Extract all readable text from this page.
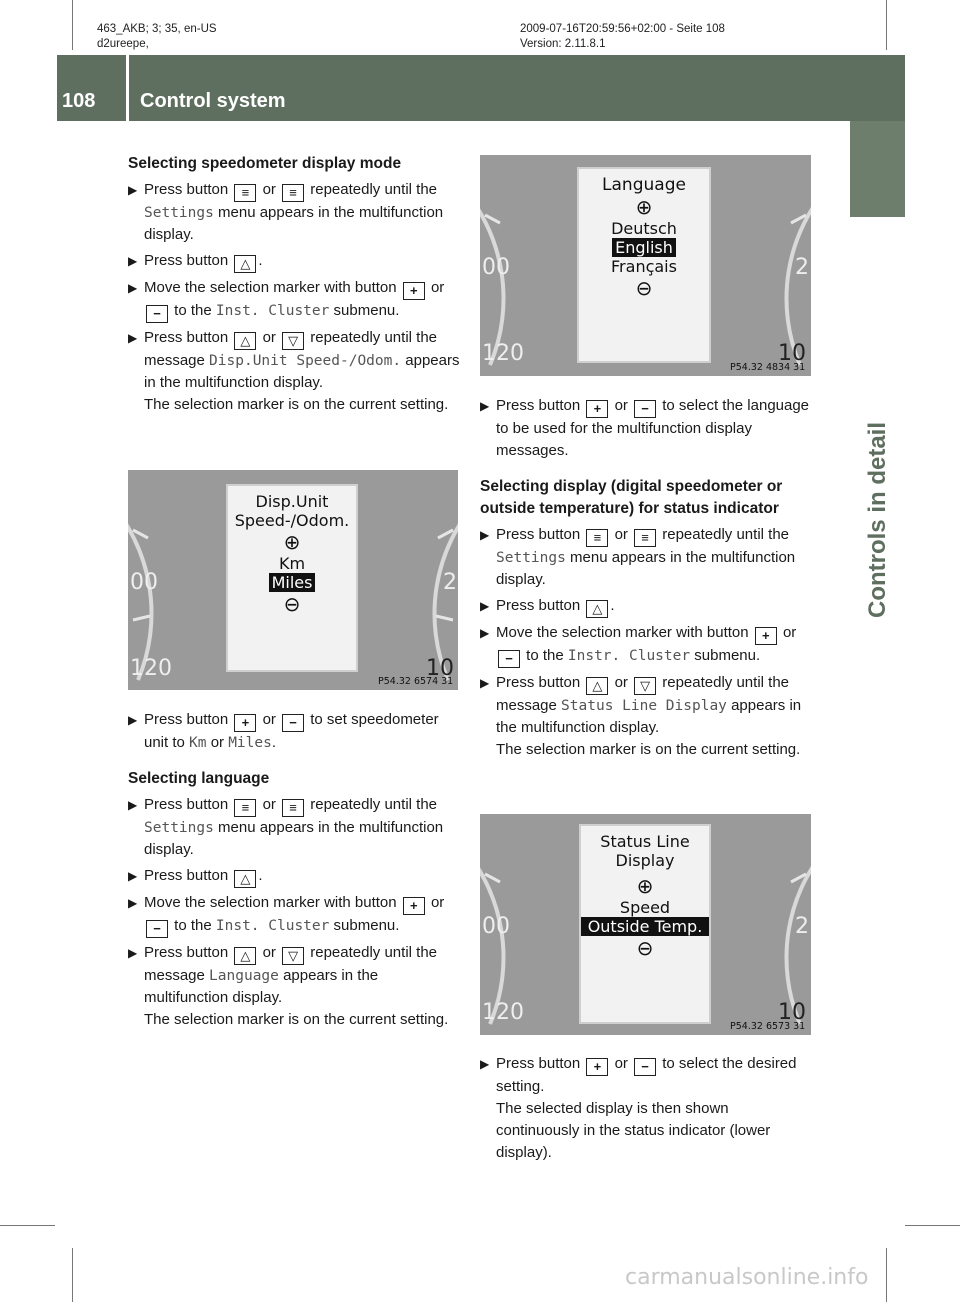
463_AKB; 3; 35, en-US
d2ureepe,
2009-07-16T20:59:56+02:00 - Seite 108
Version: 2.11.8.1
108 Control system
Controls in detail
Selecting speedometer display mode
▶ Press button ≡ or ≡ repeatedly until the Settings menu appears in the multifunction display.
▶ Press button △ .
▶ Move the selection marker with button + or − to the Inst. Cluster submenu.
▶ Press button △ or ▽ repeatedly until the message Disp.Unit Speed-/Odom. appears in the multifunction display.
The selection marker is on the current setting.
00
120
2
10
Disp.Unit
Speed-/Odom.
⊕
Km
Miles
⊖
P54.32 6574 31
▶ Press button + or − to set speedometer unit to Km or Miles.
Selecting language
▶ Press button ≡ or ≡ repeatedly until the Settings menu appears in the multifunction display.
▶ Press button △ .
▶ Move the selection marker with button + or − to the Inst. Cluster submenu.
▶ Press button △ or ▽ repeatedly until the message Language appears in the multifunction display.
The selection marker is on the current setting.
00
120
2
10
Language
⊕
Deutsch
English
Français
⊖
P54.32 4834 31
▶ Press button + or − to select the language to be used for the multifunction display messages.
Selecting display (digital speedometer or outside temperature) for status indicator
▶ Press button ≡ or ≡ repeatedly until the Settings menu appears in the multifunction display.
▶ Press button △ .
▶ Move the selection marker with button + or − to the Instr. Cluster submenu.
▶ Press button △ or ▽ repeatedly until the message Status Line Display appears in the multifunction display.
The selection marker is on the current setting.
00
120
2
10
Status Line
Display
⊕
Speed
Outside Temp.
⊖
P54.32 6573 31
▶ Press button + or − to select the desired setting.
The selected display is then shown continuously in the status indicator (lower display).
carmanualsonline.info
